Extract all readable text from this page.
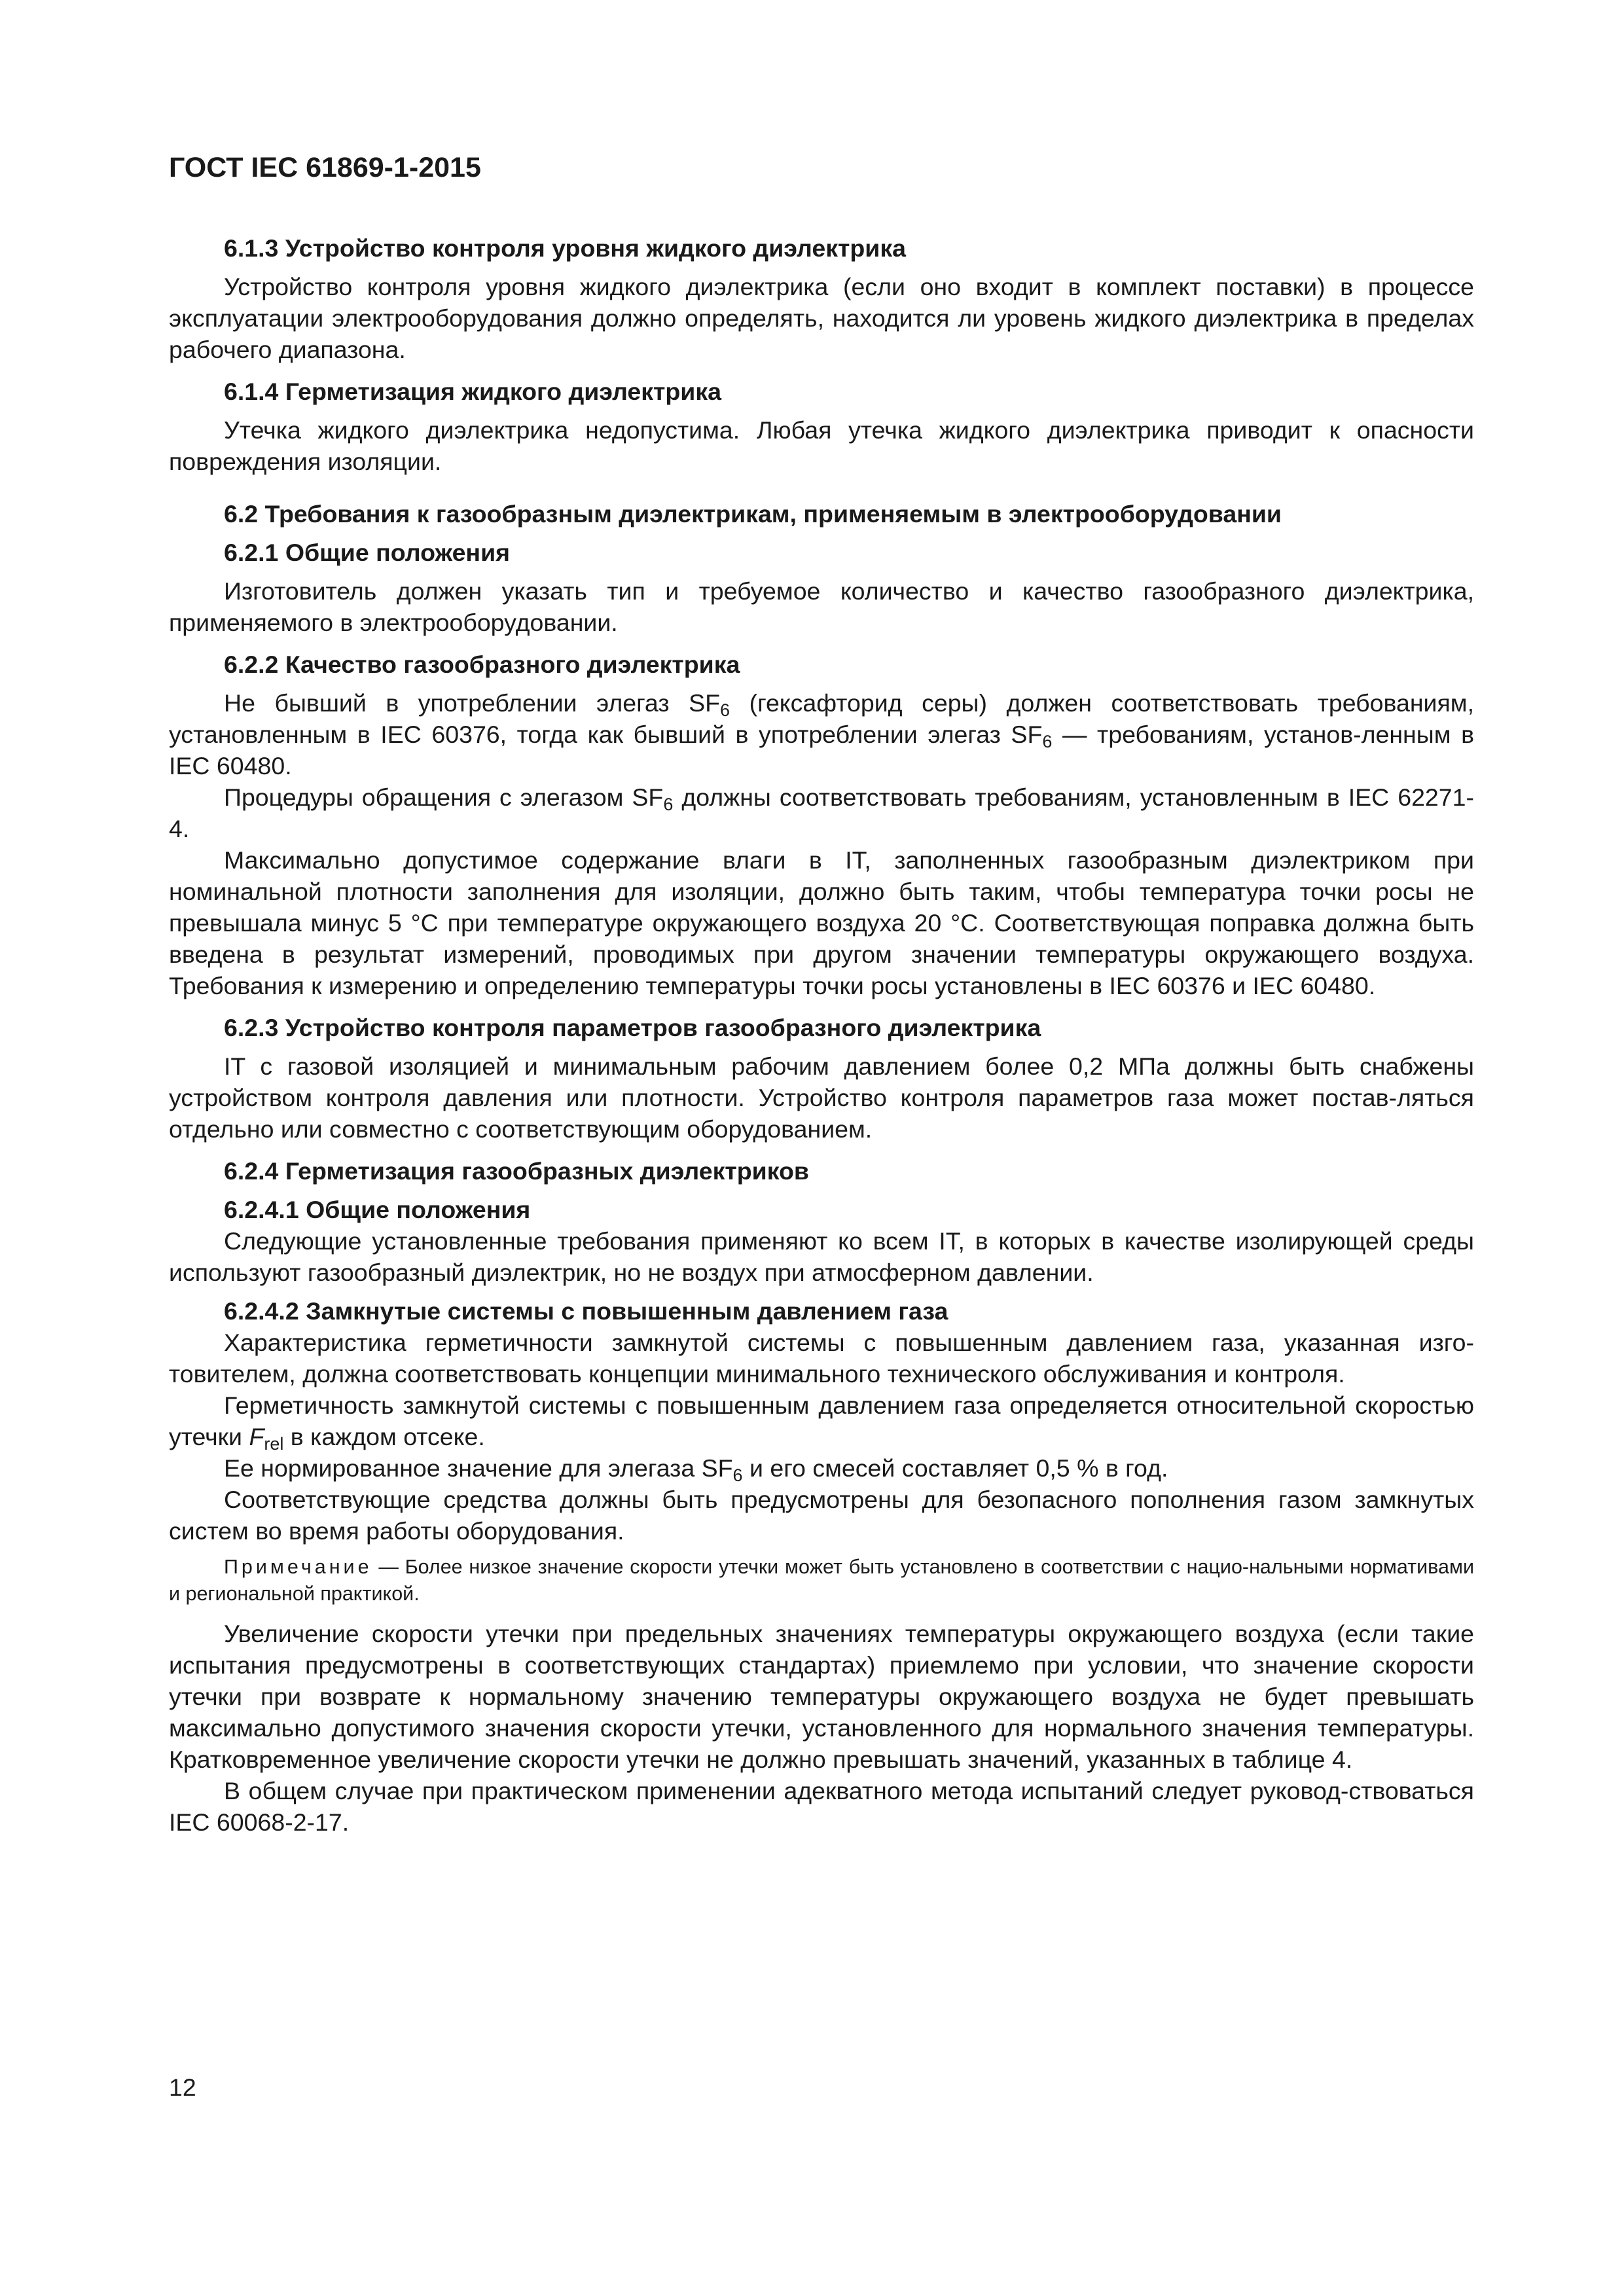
ГОСТ IEC 61869-1-2015

6.1.3 Устройство контроля уровня жидкого диэлектрика

Устройство контроля уровня жидкого диэлектрика (если оно входит в комплект поставки) в процессе эксплуатации электрооборудования должно определять, находится ли уровень жидкого диэлектрика в пределах рабочего диапазона.

6.1.4 Герметизация жидкого диэлектрика

Утечка жидкого диэлектрика недопустима. Любая утечка жидкого диэлектрика приводит к опасности повреждения изоляции.

6.2 Требования к газообразным диэлектрикам, применяемым в электрооборудовании

6.2.1 Общие положения

Изготовитель должен указать тип и требуемое количество и качество газообразного диэлектрика, применяемого в электрооборудовании.

6.2.2 Качество газообразного диэлектрика

Не бывший в употреблении элегаз $SF_6$ (гексафторид серы) должен соответствовать требованиям, установленным в IEC 60376, тогда как бывший в употреблении элегаз $SF_6$ — требованиям, установ-ленным в IEC 60480.

Процедуры обращения с элегазом $SF_6$ должны соответствовать требованиям, установленным в IEC 62271-4.

Максимально допустимое содержание влаги в IT, заполненных газообразным диэлектриком при номинальной плотности заполнения для изоляции, должно быть таким, чтобы температура точки росы не превышала минус 5 °С при температуре окружающего воздуха 20 °С. Соответствующая поправка должна быть введена в результат измерений, проводимых при другом значении температуры окружающего воздуха. Требования к измерению и определению температуры точки росы установлены в IEC 60376 и IEC 60480.

6.2.3 Устройство контроля параметров газообразного диэлектрика

IT с газовой изоляцией и минимальным рабочим давлением более 0,2 МПа должны быть снабжены устройством контроля давления или плотности. Устройство контроля параметров газа может постав-ляться отдельно или совместно с соответствующим оборудованием.

6.2.4 Герметизация газообразных диэлектриков

6.2.4.1 Общие положения

Следующие установленные требования применяют ко всем IT, в которых в качестве изолирующей среды используют газообразный диэлектрик, но не воздух при атмосферном давлении.

6.2.4.2 Замкнутые системы с повышенным давлением газа

Характеристика герметичности замкнутой системы с повышенным давлением газа, указанная изго-товителем, должна соответствовать концепции минимального технического обслуживания и контроля.

Герметичность замкнутой системы с повышенным давлением газа определяется относительной скоростью утечки $F_{rel}$ в каждом отсеке.

Ее нормированное значение для элегаза $SF_6$ и его смесей составляет 0,5 % в год.

Соответствующие средства должны быть предусмотрены для безопасного пополнения газом замкнутых систем во время работы оборудования.

Примечание — Более низкое значение скорости утечки может быть установлено в соответствии с нацио-нальными нормативами и региональной практикой.

Увеличение скорости утечки при предельных значениях температуры окружающего воздуха (если такие испытания предусмотрены в соответствующих стандартах) приемлемо при условии, что значение скорости утечки при возврате к нормальному значению температуры окружающего воздуха не будет превышать максимально допустимого значения скорости утечки, установленного для нормального значения температуры. Кратковременное увеличение скорости утечки не должно превышать значений, указанных в таблице 4.

В общем случае при практическом применении адекватного метода испытаний следует руковод-ствоваться IEC 60068-2-17.

12
